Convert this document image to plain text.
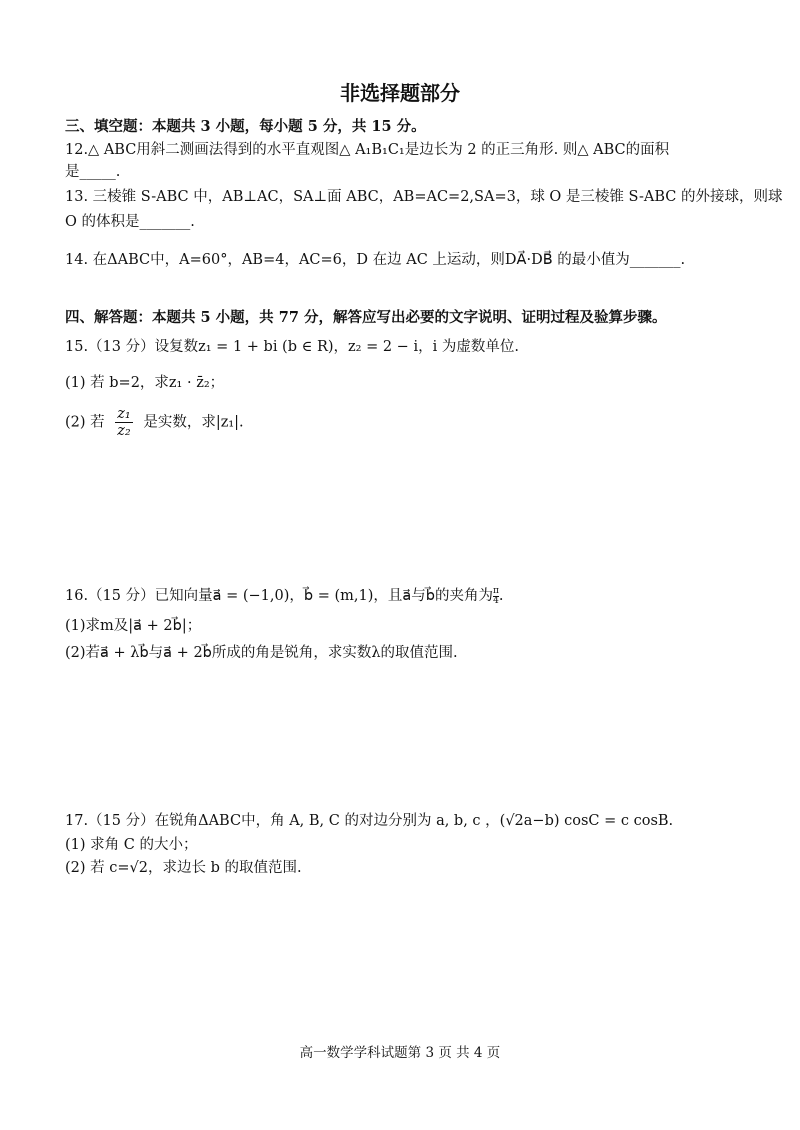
非选择题部分
三、填空题：本题共 3 小题，每小题 5 分，共 15 分。
12.△ ABC用斜二测画法得到的水平直观图△ A₁B₁C₁是边长为 2 的正三角形. 则△ ABC的面积
是_____.
13. 三棱锥 S-ABC 中，AB⊥AC，SA⊥面 ABC，AB=AC=2,SA=3，球 O 是三棱锥 S-ABC 的外接球，则球
O 的体积是_______.
14. 在ΔABC中，A=60°，AB=4，AC=6，D 在边 AC 上运动，则DA⃗·DB⃗ 的最小值为_______.
四、解答题：本题共 5 小题，共 77 分，解答应写出必要的文字说明、证明过程及验算步骤。
15.（13 分）设复数z₁ = 1 + bi (b ∈ R)，z₂ = 2 − i，i 为虚数单位.
(1) 若 b=2，求z₁ · z̄₂；
(2) 若 $\frac{\text{z₁}}{\text{z₂}}$ 是实数，求|z₁|.
16.（15 分）已知向量a⃗ = (−1,0)，b⃗ = (m,1)，且a⃗与b⃗的夹角为 $\frac{\pi}{4}$ .
(1)求m及|a⃗ + 2b⃗|；
(2)若a⃗ + λb⃗与a⃗ + 2b⃗所成的角是锐角，求实数λ的取值范围.
17.（15 分）在锐角ΔABC中，角 A, B, C 的对边分别为 a, b, c ，(√2a−b) cosC = c cosB.
(1) 求角 C 的大小；
(2) 若 c=√2，求边长 b 的取值范围.
高一数学学科试题第 3 页 共 4 页
